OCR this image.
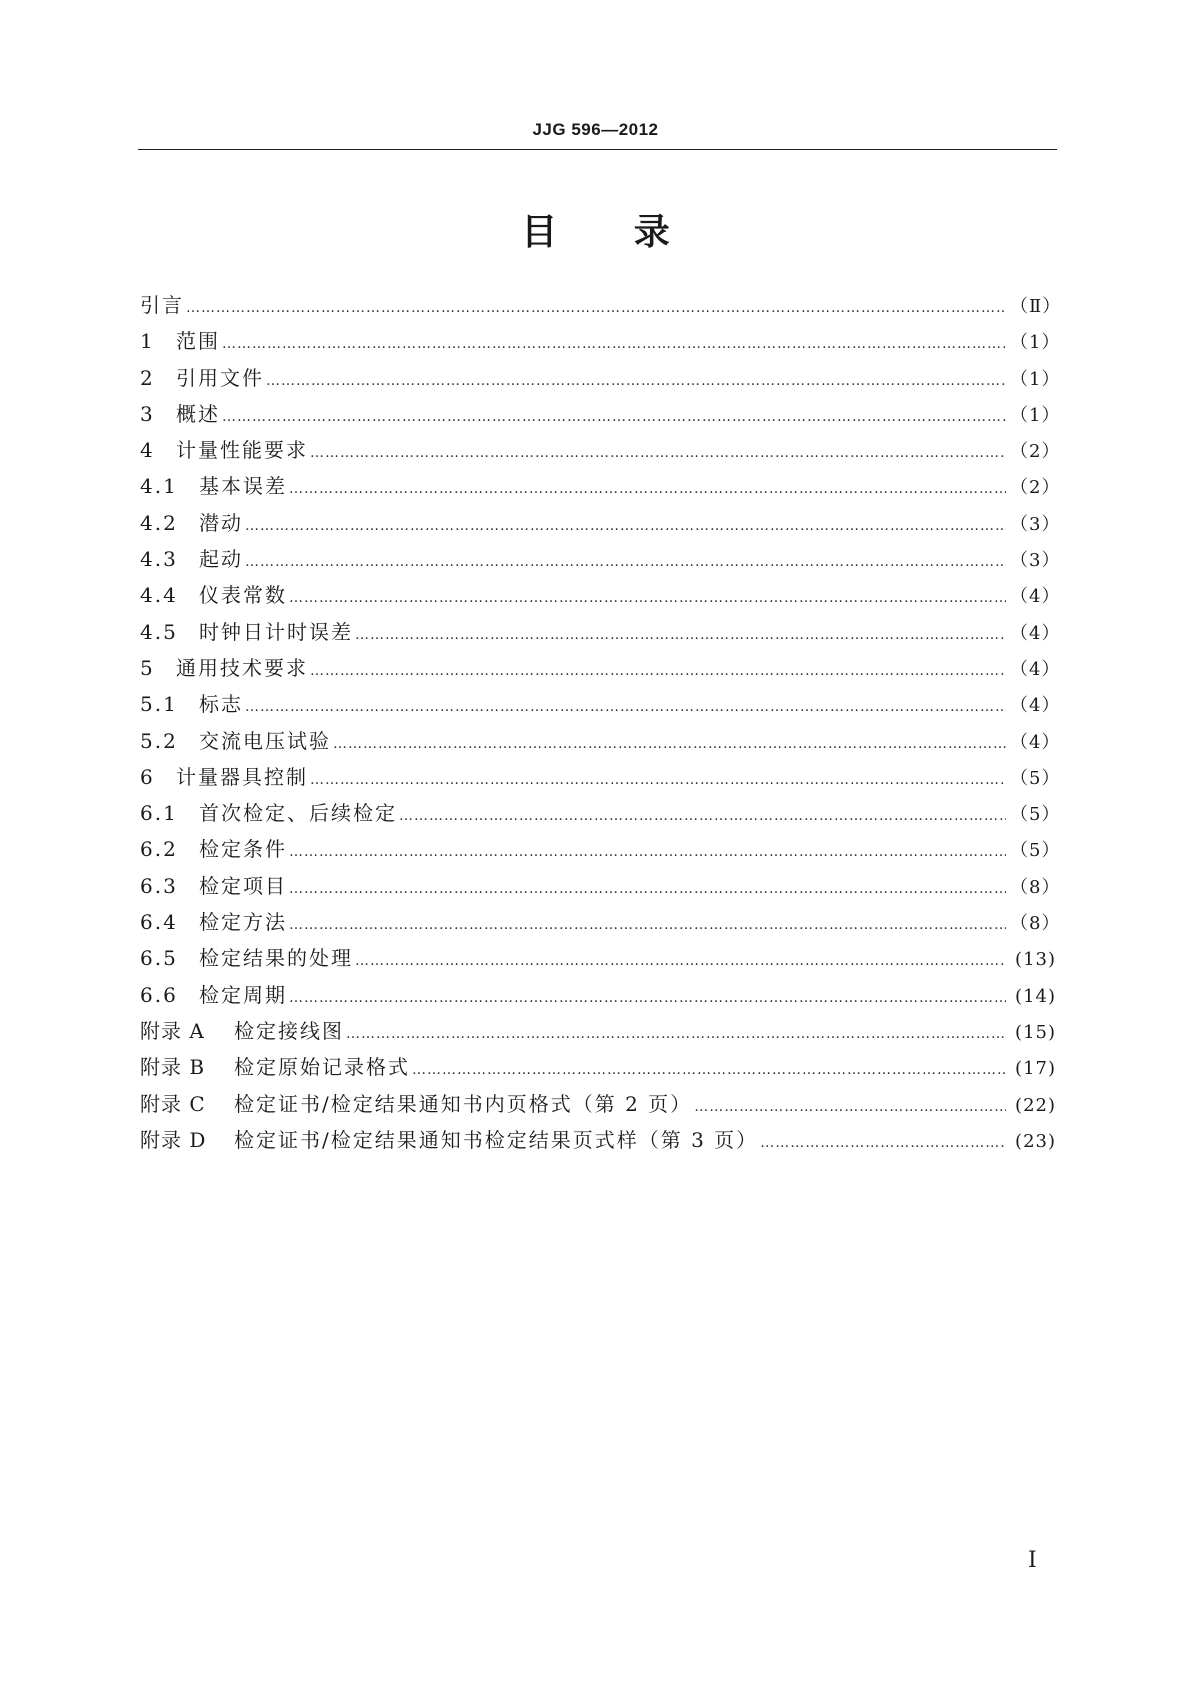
JJG 596—2012
目 录
引言 …………………………………………………………………………………………………………………………………………………………………………………………………………………………………………………………………………………	（Ⅱ）
1	范围 …………………………………………………………………………………………………………………………………………………………………………………………………………………………………………………………………………………	（1）
2	引用文件 …………………………………………………………………………………………………………………………………………………………………………………………………………………………………………………………………………………	（1）
3	概述 …………………………………………………………………………………………………………………………………………………………………………………………………………………………………………………………………………………	（1）
4	计量性能要求 …………………………………………………………………………………………………………………………………………………………………………………………………………………………………………………………………………………	（2）
4.1	基本误差 …………………………………………………………………………………………………………………………………………………………………………………………………………………………………………………………………………………	（2）
4.2	潜动 …………………………………………………………………………………………………………………………………………………………………………………………………………………………………………………………………………………	（3）
4.3	起动 …………………………………………………………………………………………………………………………………………………………………………………………………………………………………………………………………………………	（3）
4.4	仪表常数 …………………………………………………………………………………………………………………………………………………………………………………………………………………………………………………………………………………	（4）
4.5	时钟日计时误差 …………………………………………………………………………………………………………………………………………………………………………………………………………………………………………………………………………………	（4）
5	通用技术要求 …………………………………………………………………………………………………………………………………………………………………………………………………………………………………………………………………………………	（4）
5.1	标志 …………………………………………………………………………………………………………………………………………………………………………………………………………………………………………………………………………………	（4）
5.2	交流电压试验 …………………………………………………………………………………………………………………………………………………………………………………………………………………………………………………………………………………	（4）
6	计量器具控制 …………………………………………………………………………………………………………………………………………………………………………………………………………………………………………………………………………………	（5）
6.1	首次检定、后续检定 …………………………………………………………………………………………………………………………………………………………………………………………………………………………………………………………………………………	（5）
6.2	检定条件 …………………………………………………………………………………………………………………………………………………………………………………………………………………………………………………………………………………	（5）
6.3	检定项目 …………………………………………………………………………………………………………………………………………………………………………………………………………………………………………………………………………………	（8）
6.4	检定方法 …………………………………………………………………………………………………………………………………………………………………………………………………………………………………………………………………………………	（8）
6.5	检定结果的处理 …………………………………………………………………………………………………………………………………………………………………………………………………………………………………………………………………………………	(13)
6.6	检定周期 …………………………………………………………………………………………………………………………………………………………………………………………………………………………………………………………………………………	(14)
附录 A	检定接线图 …………………………………………………………………………………………………………………………………………………………………………………………………………………………………………………………………………………	(15)
附录 B	检定原始记录格式 …………………………………………………………………………………………………………………………………………………………………………………………………………………………………………………………………………………	(17)
附录 C	检定证书/检定结果通知书内页格式（第 2 页） …………………………………………………………………………………………………………………………………………………………………………………………………………………………………………………………………………………	(22)
附录 D	检定证书/检定结果通知书检定结果页式样（第 3 页） …………………………………………………………………………………………………………………………………………………………………………………………………………………………………………………………………………………	(23)
Ⅰ
